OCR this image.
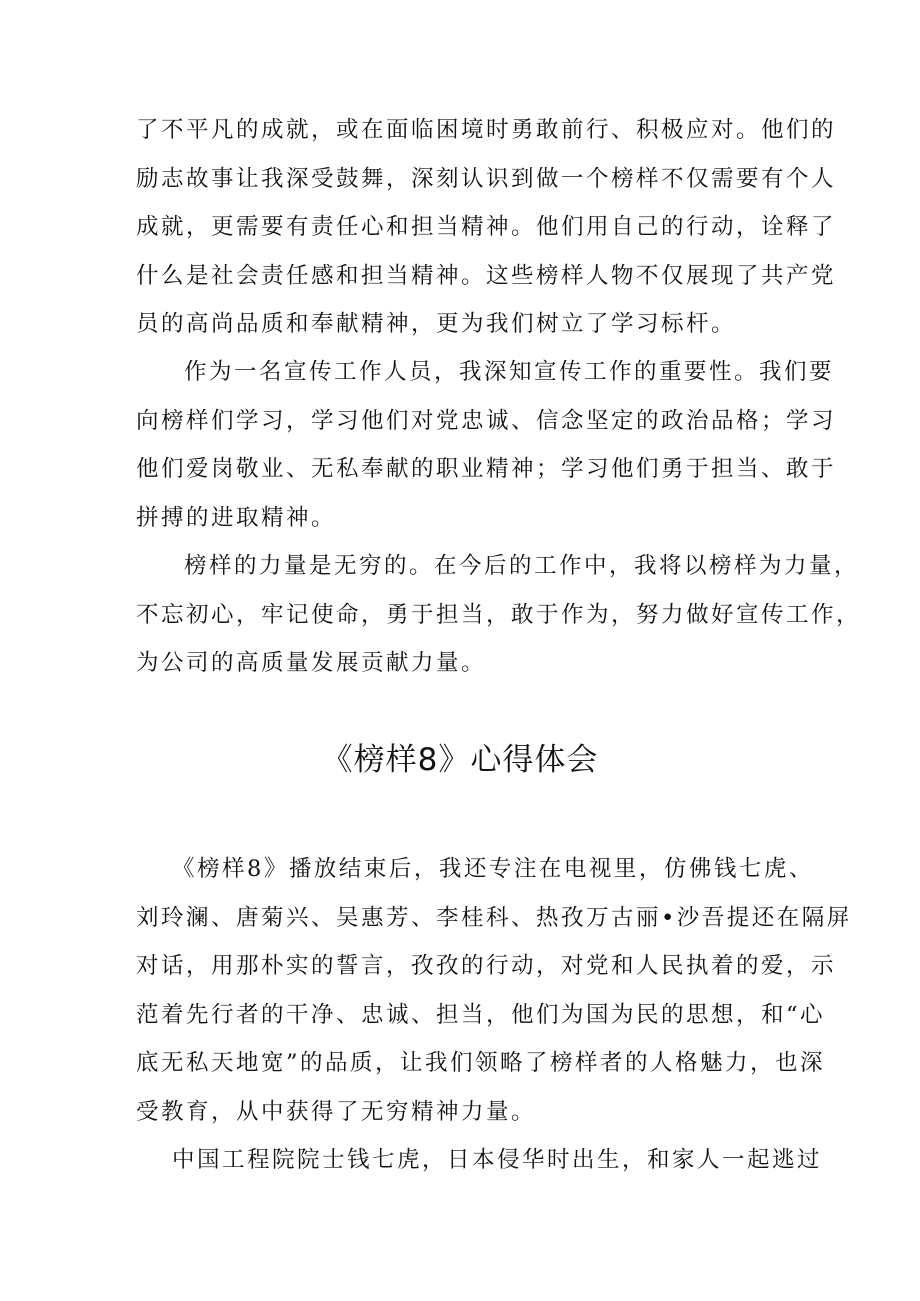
了不平凡的成就，或在面临困境时勇敢前行、积极应对。他们的
励志故事让我深受鼓舞，深刻认识到做一个榜样不仅需要有个人
成就，更需要有责任心和担当精神。他们用自己的行动，诠释了
什么是社会责任感和担当精神。这些榜样人物不仅展现了共产党
员的高尚品质和奉献精神，更为我们树立了学习标杆。
作为一名宣传工作人员，我深知宣传工作的重要性。我们要
向榜样们学习，学习他们对党忠诚、信念坚定的政治品格；学习
他们爱岗敬业、无私奉献的职业精神；学习他们勇于担当、敢于
拼搏的进取精神。
榜样的力量是无穷的。在今后的工作中，我将以榜样为力量，
不忘初心，牢记使命，勇于担当，敢于作为，努力做好宣传工作，
为公司的高质量发展贡献力量。
《榜样8》心得体会
《榜样8》播放结束后，我还专注在电视里，仿佛钱七虎、
刘玲澜、唐菊兴、吴惠芳、李桂科、热孜万古丽•沙吾提还在隔屏
对话，用那朴实的誓言，孜孜的行动，对党和人民执着的爱，示
范着先行者的干净、忠诚、担当，他们为国为民的思想，和“心
底无私天地宽”的品质，让我们领略了榜样者的人格魅力，也深
受教育，从中获得了无穷精神力量。
中国工程院院士钱七虎，日本侵华时出生，和家人一起逃过
